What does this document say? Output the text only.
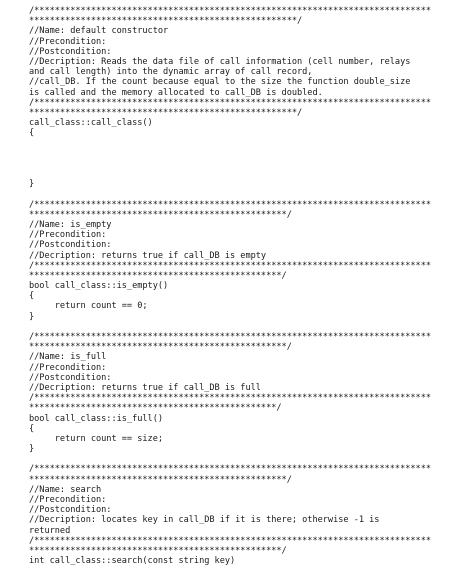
/*****************************************************************************
****************************************************/
//Name: default constructor
//Precondition:
//Postcondition:
//Decription: Reads the data file of call information (cell number, relays
and call length) into the dynamic array of call record,
//call_DB. If the count because equal to the size the function double_size
is called and the memory allocated to call_DB is doubled.
/*****************************************************************************
****************************************************/
call_class::call_class()
{
}
/*****************************************************************************
**************************************************/
//Name: is_empty
//Precondition:
//Postcondition:
//Decription: returns true if call_DB is empty
/*****************************************************************************
*************************************************/
bool call_class::is_empty()
{
return count == 0;
}
/*****************************************************************************
**************************************************/
//Name: is_full
//Precondition:
//Postcondition:
//Decription: returns true if call_DB is full
/*****************************************************************************
************************************************/
bool call_class::is_full()
{
return count == size;
}
/*****************************************************************************
**************************************************/
//Name: search
//Precondition:
//Postcondition:
//Decription: locates key in call_DB if it is there; otherwise -1 is
returned
/*****************************************************************************
*************************************************/
int call_class::search(const string key)
